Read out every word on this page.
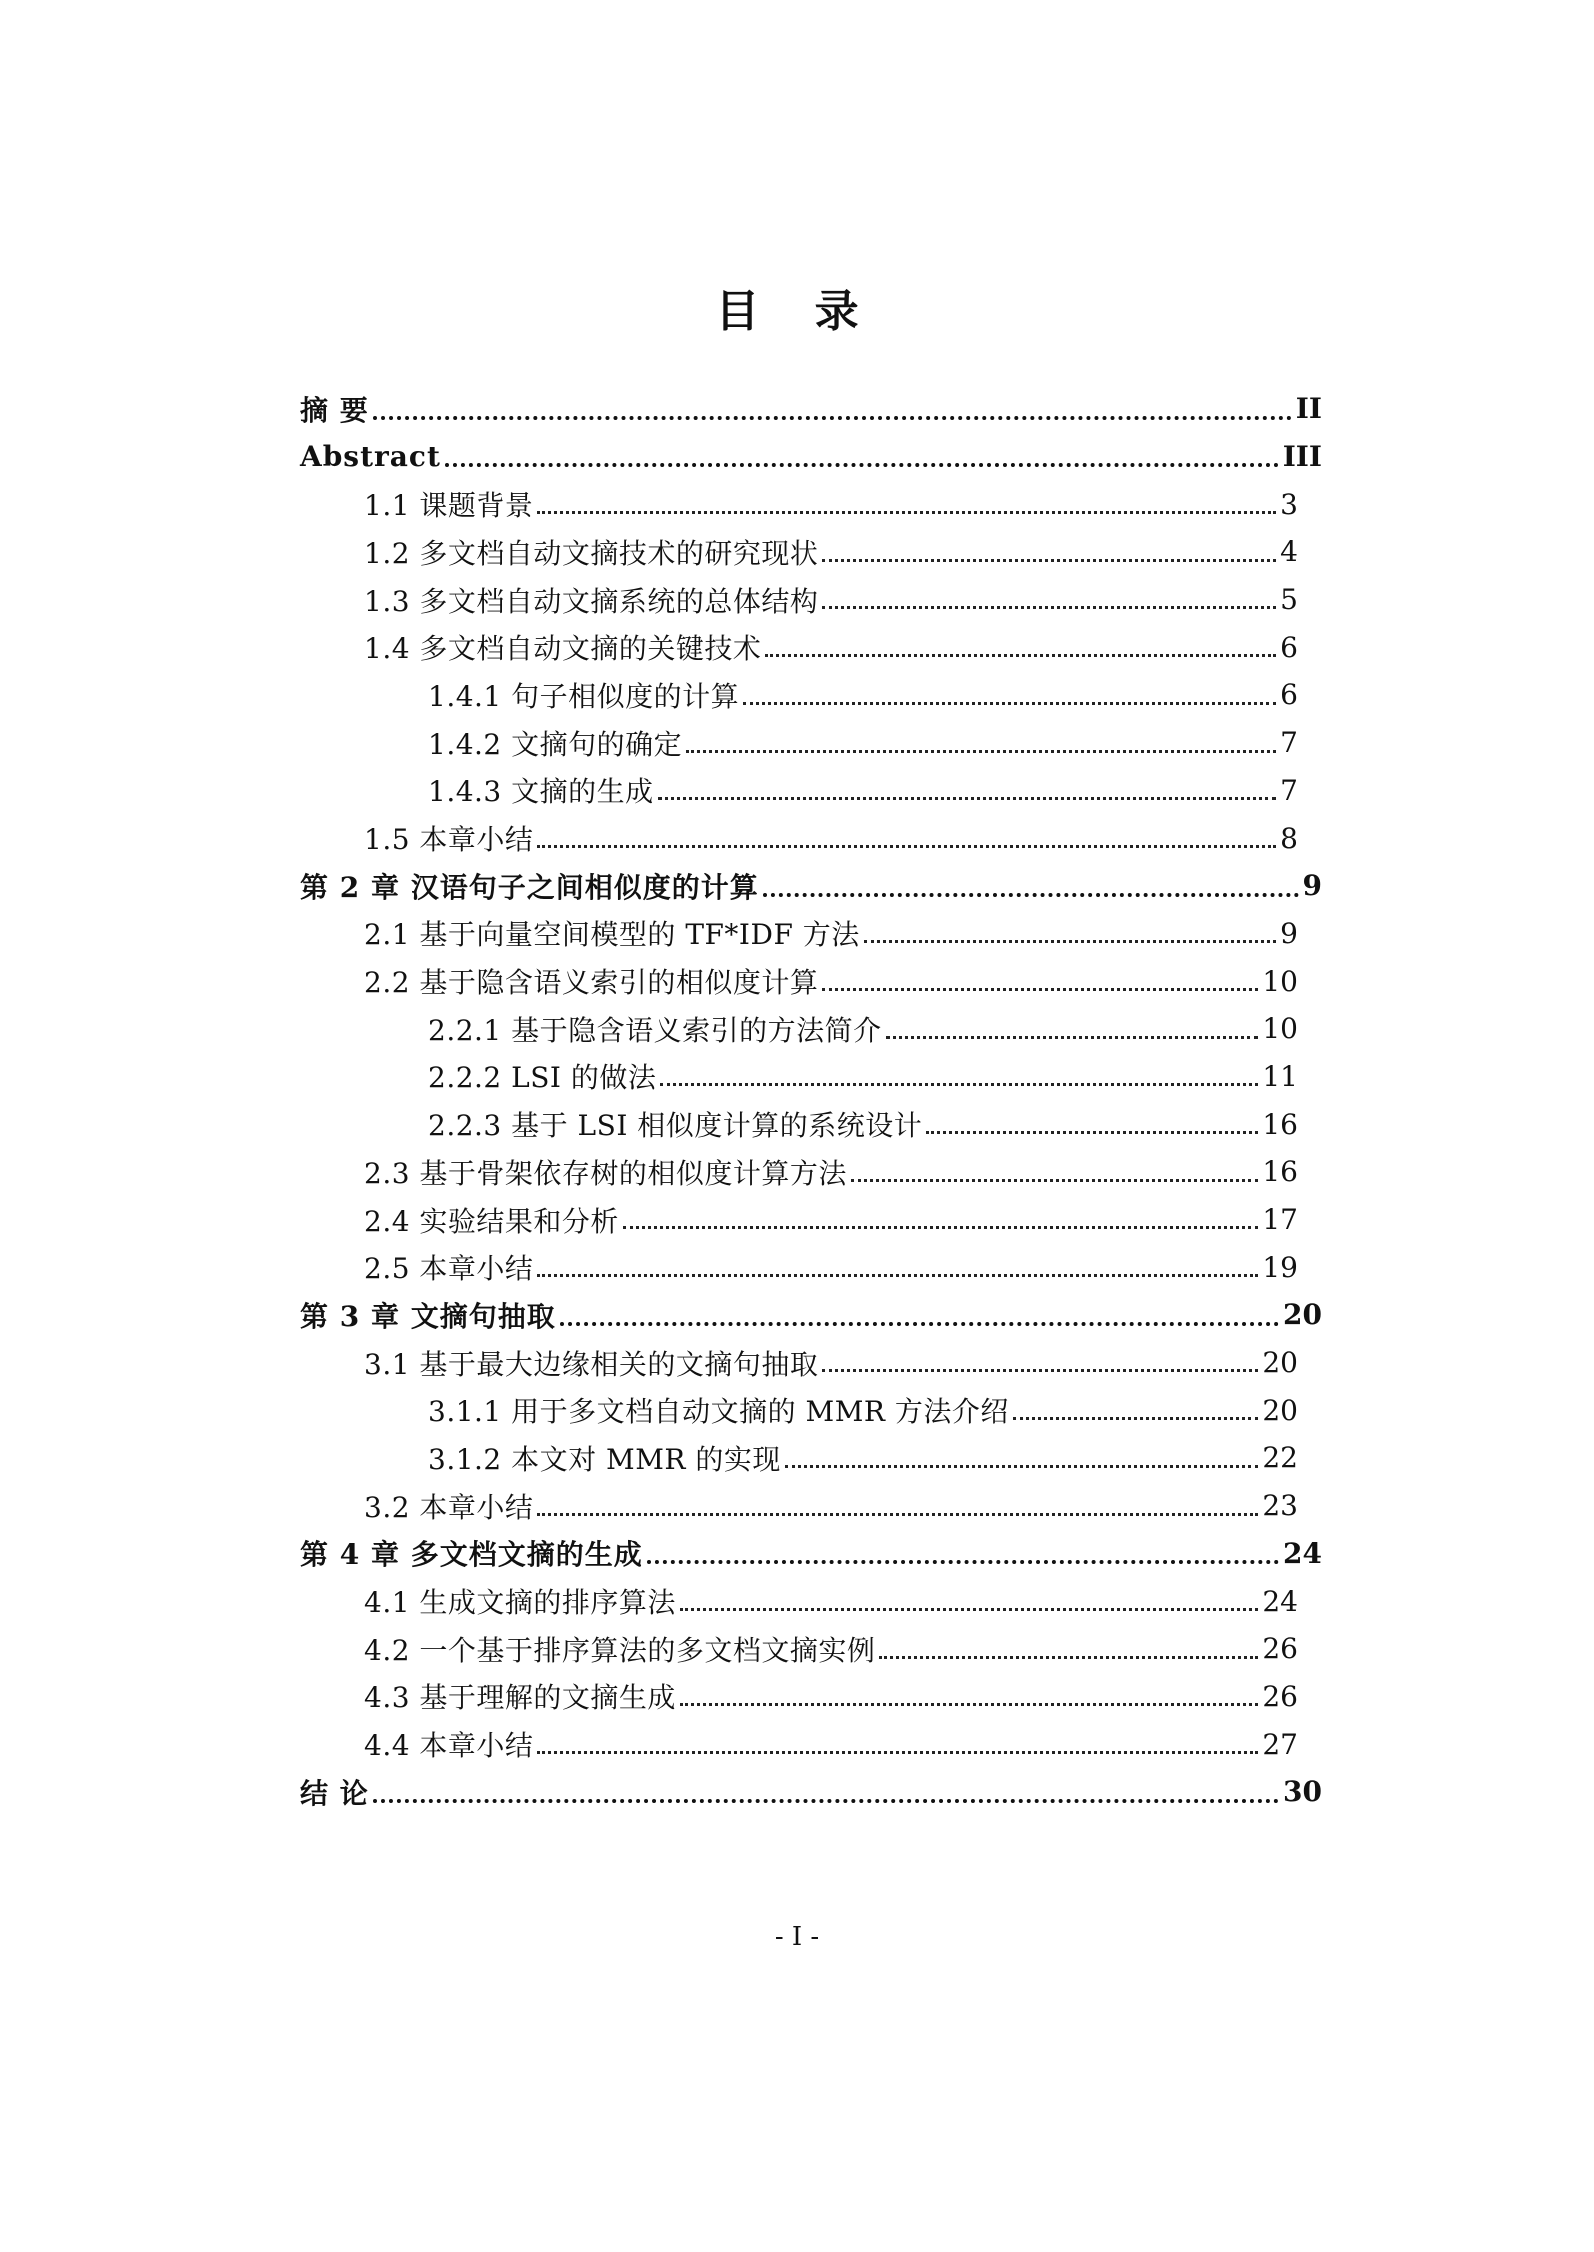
目 录
摘 要	II
Abstract	III
1.1 课题背景	3
1.2 多文档自动文摘技术的研究现状	4
1.3 多文档自动文摘系统的总体结构	5
1.4 多文档自动文摘的关键技术	6
1.4.1 句子相似度的计算	6
1.4.2 文摘句的确定	7
1.4.3 文摘的生成	7
1.5 本章小结	8
第 2 章 汉语句子之间相似度的计算	9
2.1 基于向量空间模型的 TF*IDF 方法	9
2.2 基于隐含语义索引的相似度计算	10
2.2.1 基于隐含语义索引的方法简介	10
2.2.2 LSI 的做法	11
2.2.3 基于 LSI 相似度计算的系统设计	16
2.3 基于骨架依存树的相似度计算方法	16
2.4 实验结果和分析	17
2.5 本章小结	19
第 3 章 文摘句抽取	20
3.1 基于最大边缘相关的文摘句抽取	20
3.1.1 用于多文档自动文摘的 MMR 方法介绍	20
3.1.2 本文对 MMR 的实现	22
3.2 本章小结	23
第 4 章 多文档文摘的生成	24
4.1 生成文摘的排序算法	24
4.2 一个基于排序算法的多文档文摘实例	26
4.3 基于理解的文摘生成	26
4.4 本章小结	27
结 论	30
- I -
